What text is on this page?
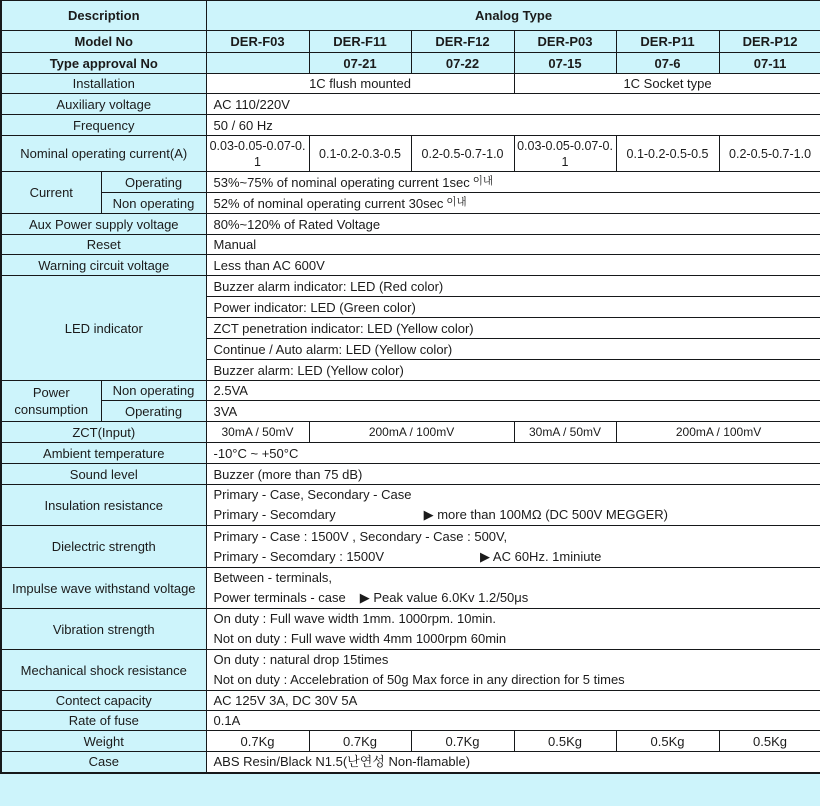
Description		Analog Type					
Model No		DER-F03	DER-F11	DER-F12	DER-P03	DER-P11	DER-P12
Type approval No			07-21	07-22	07-15	07-6	07-11
Installation		1C flush mounted			1C Socket type		
Auxiliary voltage		AC 110/220V					
Frequency		50 / 60 Hz					
Nominal operating current(A)		0.03-0.05-0.07-0.1	0.1-0.2-0.3-0.5	0.2-0.5-0.7-1.0	0.03-0.05-0.07-0.1	0.1-0.2-0.5-0.5	0.2-0.5-0.7-1.0
Current	Operating	53%~75% of nominal operating current 1sec $^{이내}$
	Non operating	52% of nominal operating current 30sec $^{이내}$
Aux Power supply voltage		80%~120% of Rated Voltage					
Reset		Manual					
Warning circuit voltage		Less than AC 600V					
LED indicator		Buzzer alarm indicator: LED (Red color)					
		Power indicator: LED (Green color)					
		ZCT penetration indicator: LED (Yellow color)					
		Continue / Auto alarm: LED (Yellow color)					
		Buzzer alarm: LED (Yellow color)					
Power consumption	Non operating	2.5VA					
	Operating	3VA					
ZCT(Input)		30mA / 50mV	200mA / 100mV		30mA / 50mV	200mA / 100mV	
Ambient temperature		-10°C ~ +50°C					
Sound level		Buzzer (more than 75 dB)					
Insulation resistance		Primary - Case, Secondary - Case
Primary - Secomdary ▶ more than 100MΩ (DC 500V MEGGER)					

Dielectric strength		Primary - Case : 1500V , Secondary - Case : 500V,
Primary - Secomdary : 1500V ▶ AC 60Hz. 1miniute					

Impulse wave withstand voltage		Between - terminals,
Power terminals - case ▶ Peak value 6.0Kv 1.2/50μs					

Vibration strength		On duty : Full wave width 1mm. 1000rpm. 10min.
Not on duty : Full wave width 4mm 1000rpm 60min					

Mechanical shock resistance		On duty : natural drop 15times
Not on duty : Accelebration of 50g Max force in any direction for 5 times					

Contect capacity		AC 125V 3A, DC 30V 5A					
Rate of fuse		0.1A					
Weight		0.7Kg	0.7Kg	0.7Kg	0.5Kg	0.5Kg	0.5Kg
Case		ABS Resin/Black N1.5(난연성 Non-flamable)					
